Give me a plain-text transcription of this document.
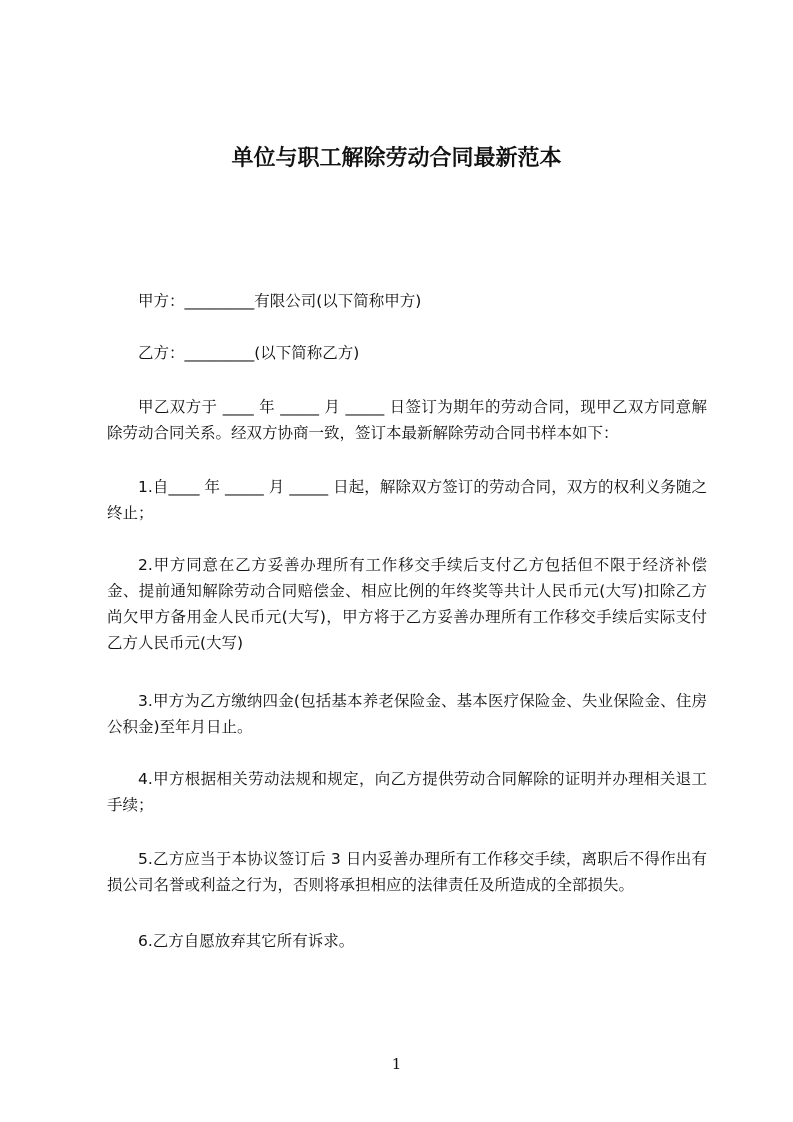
单位与职工解除劳动合同最新范本
甲方：_________有限公司(以下简称甲方)
乙方：_________(以下简称乙方)
甲乙双方于 ____ 年 _____ 月 _____ 日签订为期年的劳动合同，现甲乙双方同意解除劳动合同关系。经双方协商一致，签订本最新解除劳动合同书样本如下：
1.自____ 年 _____ 月 _____ 日起，解除双方签订的劳动合同，双方的权利义务随之终止；
2.甲方同意在乙方妥善办理所有工作移交手续后支付乙方包括但不限于经济补偿金、提前通知解除劳动合同赔偿金、相应比例的年终奖等共计人民币元(大写)扣除乙方尚欠甲方备用金人民币元(大写)，甲方将于乙方妥善办理所有工作移交手续后实际支付乙方人民币元(大写)
3.甲方为乙方缴纳四金(包括基本养老保险金、基本医疗保险金、失业保险金、住房公积金)至年月日止。
4.甲方根据相关劳动法规和规定，向乙方提供劳动合同解除的证明并办理相关退工手续；
5.乙方应当于本协议签订后 3 日内妥善办理所有工作移交手续，离职后不得作出有损公司名誉或利益之行为，否则将承担相应的法律责任及所造成的全部损失。
6.乙方自愿放弃其它所有诉求。
1
